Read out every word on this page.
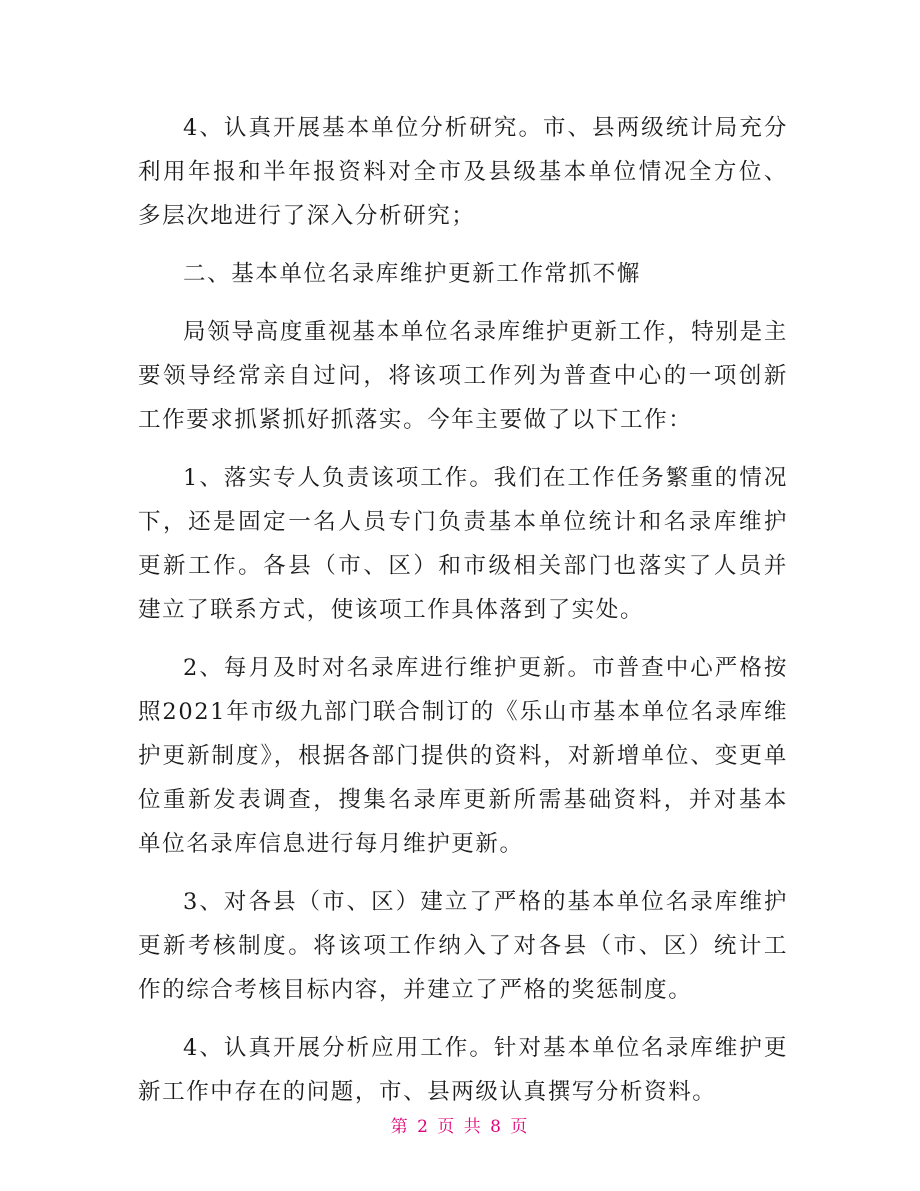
4、认真开展基本单位分析研究。市、县两级统计局充分利用年报和半年报资料对全市及县级基本单位情况全方位、多层次地进行了深入分析研究；

二、基本单位名录库维护更新工作常抓不懈

局领导高度重视基本单位名录库维护更新工作，特别是主要领导经常亲自过问，将该项工作列为普查中心的一项创新工作要求抓紧抓好抓落实。今年主要做了以下工作：

1、落实专人负责该项工作。我们在工作任务繁重的情况下，还是固定一名人员专门负责基本单位统计和名录库维护更新工作。各县（市、区）和市级相关部门也落实了人员并建立了联系方式，使该项工作具体落到了实处。

2、每月及时对名录库进行维护更新。市普查中心严格按照2021年市级九部门联合制订的《乐山市基本单位名录库维护更新制度》，根据各部门提供的资料，对新增单位、变更单位重新发表调查，搜集名录库更新所需基础资料，并对基本单位名录库信息进行每月维护更新。

3、对各县（市、区）建立了严格的基本单位名录库维护更新考核制度。将该项工作纳入了对各县（市、区）统计工作的综合考核目标内容，并建立了严格的奖惩制度。

4、认真开展分析应用工作。针对基本单位名录库维护更新工作中存在的问题，市、县两级认真撰写分析资料。

第 2 页 共 8 页
